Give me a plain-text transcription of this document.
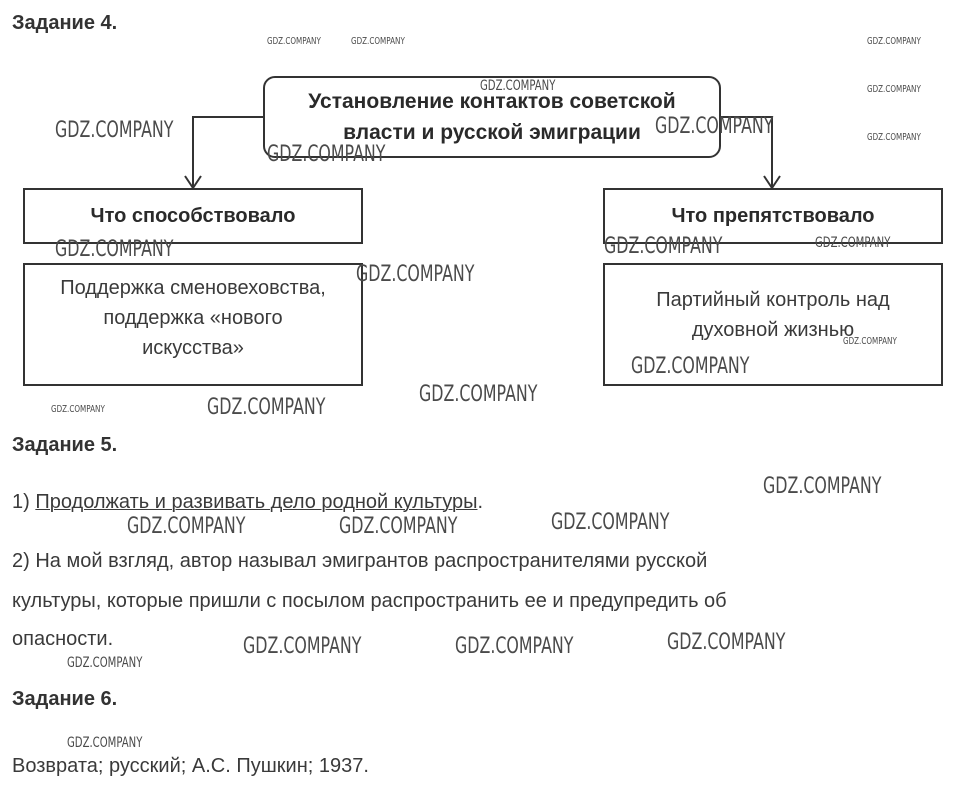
Задание 4.
Установление контактов советской
власти и русской эмиграции
Что способствовало	Что препятствовало
Поддержка сменовеховства,
поддержка «нового
искусства»
Партийный контроль над
духовной жизнью
Задание 5.
1) Продолжать и развивать дело родной культуры.
2) На мой взгляд, автор называл эмигрантов распространителями русской
культуры, которые пришли с посылом распространить ее и предупредить об
опасности.
Задание 6.
Возврата; русский; А.С. Пушкин; 1937.
GDZ.COMPANY	GDZ.COMPANY	GDZ.COMPANY
GDZ.COMPANY
GDZ.COMPANY
GDZ.COMPANY
GDZ.COMPANY	GDZ.COMPANY
GDZ.COMPANY
GDZ.COMPANY	GDZ.COMPANY	GDZ.COMPANY
GDZ.COMPANY
GDZ.COMPANY
GDZ.COMPANY
GDZ.COMPANY
GDZ.COMPANY
GDZ.COMPANY
GDZ.COMPANY
GDZ.COMPANY	GDZ.COMPANY	GDZ.COMPANY
GDZ.COMPANY
GDZ.COMPANY	GDZ.COMPANY
GDZ.COMPANY
GDZ.COMPANY
